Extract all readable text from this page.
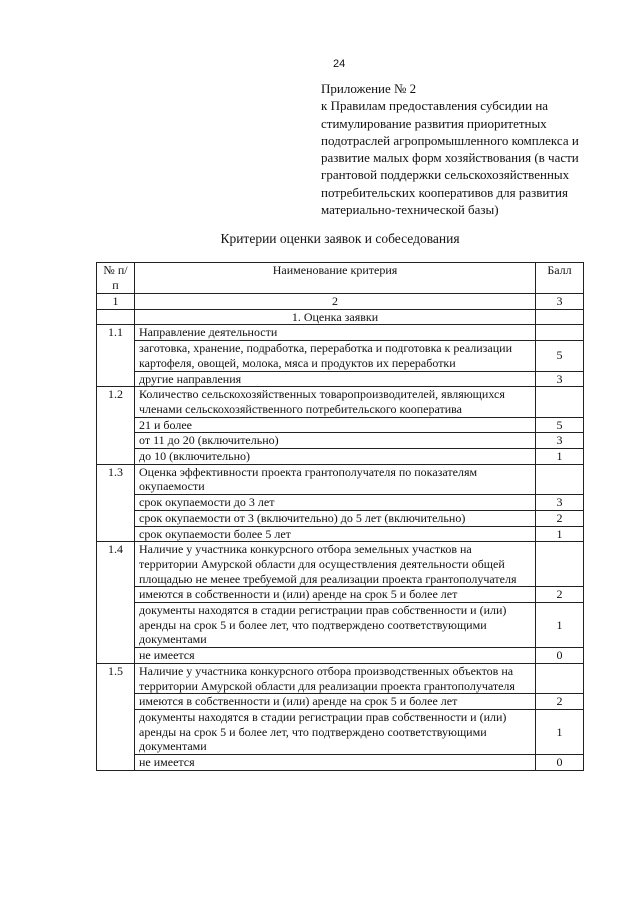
24
Приложение № 2
к Правилам предоставления субсидии на
стимулирование развития приоритетных
подотраслей агропромышленного комплекса и
развитие малых форм хозяйствования (в части
грантовой поддержки сельскохозяйственных
потребительских кооперативов для развития
материально-технической базы)
Критерии оценки заявок и собеседования
№ п/п	Наименование критерия	Балл
1	2	3
	1. Оценка заявки	
1.1	Направление деятельности	
	заготовка, хранение, подработка, переработка и подготовка к реализации картофеля, овощей, молока, мяса и продуктов их переработки	5
	другие направления	3
1.2	Количество сельскохозяйственных товаропроизводителей, являющихся членами сельскохозяйственного потребительского кооператива	
	21 и более	5
	от 11 до 20 (включительно)	3
	до 10 (включительно)	1
1.3	Оценка эффективности проекта грантополучателя по показателям окупаемости	
	срок окупаемости до 3 лет	3
	срок окупаемости от 3 (включительно) до 5 лет (включительно)	2
	срок окупаемости более 5 лет	1
1.4	Наличие у участника конкурсного отбора земельных участков на территории Амурской области для осуществления деятельности общей площадью не менее требуемой для реализации проекта грантополучателя	
	имеются в собственности и (или) аренде на срок 5 и более лет	2
	документы находятся в стадии регистрации прав собственности и (или) аренды на срок 5 и более лет, что подтверждено соответствующими документами	1
	не имеется	0
1.5	Наличие у участника конкурсного отбора производственных объектов на территории Амурской области для реализации проекта грантополучателя	
	имеются в собственности и (или) аренде на срок 5 и более лет	2
	документы находятся в стадии регистрации прав собственности и (или) аренды на срок 5 и более лет, что подтверждено соответствующими документами	1
	не имеется	0
